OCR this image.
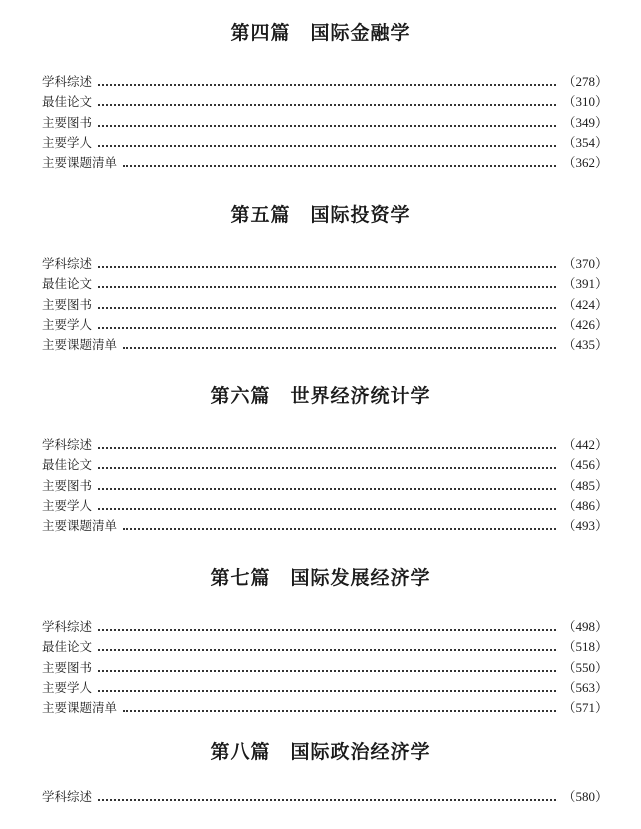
第四篇　国际金融学
学科综述	（278）
最佳论文	（310）
主要图书	（349）
主要学人	（354）
主要课题清单	（362）
第五篇　国际投资学
学科综述	（370）
最佳论文	（391）
主要图书	（424）
主要学人	（426）
主要课题清单	（435）
第六篇　世界经济统计学
学科综述	（442）
最佳论文	（456）
主要图书	（485）
主要学人	（486）
主要课题清单	（493）
第七篇　国际发展经济学
学科综述	（498）
最佳论文	（518）
主要图书	（550）
主要学人	（563）
主要课题清单	（571）
第八篇　国际政治经济学
学科综述	（580）
